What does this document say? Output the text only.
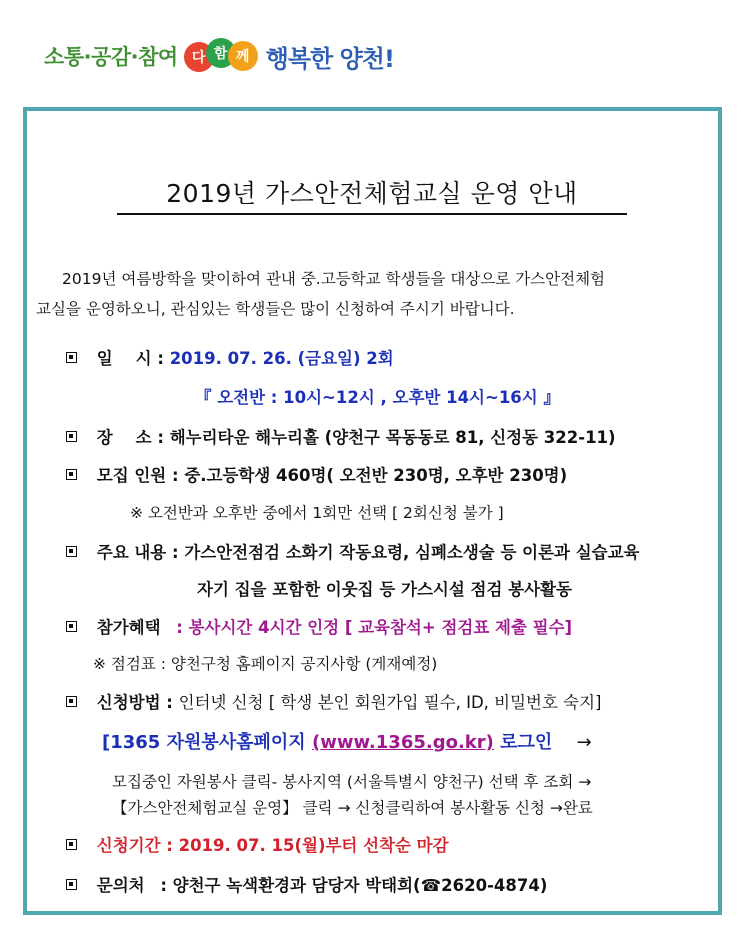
소통·공감·참여	다 함 께 행복한 양천!
2019년 가스안전체험교실 운영 안내
2019년 여름방학을 맞이하여 관내 중.고등학교 학생들을 대상으로 가스안전체험
교실을 운영하오니, 관심있는 학생들은 많이 신청하여 주시기 바랍니다.
일    시 : 2019. 07. 26. (금요일) 2회
『 오전반 : 10시~12시 , 오후반 14시~16시 』
장    소 : 해누리타운 해누리홀 (양천구 목동동로 81, 신정동 322-11)
모집 인원 : 중.고등학생 460명( 오전반 230명, 오후반 230명)
※ 오전반과 오후반 중에서 1회만 선택 [ 2회신청 불가 ]
주요 내용 : 가스안전점검 소화기 작동요령, 심폐소생술 등 이론과 실습교육
자기 집을 포함한 이웃집 등 가스시설 점검 봉사활동
참가혜택 : 봉사시간 4시간 인정 [ 교육참석+ 점검표 제출 필수]
※ 점검표 : 양천구청 홈페이지 공지사항 (게재예정)
신청방법 : 인터넷 신청 [ 학생 본인 회원가입 필수, ID, 비밀번호 숙지]
[1365 자원봉사홈페이지 (www.1365.go.kr) 로그인 →
모집중인 자원봉사 클릭- 봉사지역 (서울특별시 양천구) 선택 후 조회 →
【가스안전체험교실 운영】 클릭 → 신청클릭하여 봉사활동 신청 →완료
신청기간 : 2019. 07. 15(월)부터 선착순 마감
문의처 : 양천구 녹색환경과 담당자 박태희(☎2620-4874)
